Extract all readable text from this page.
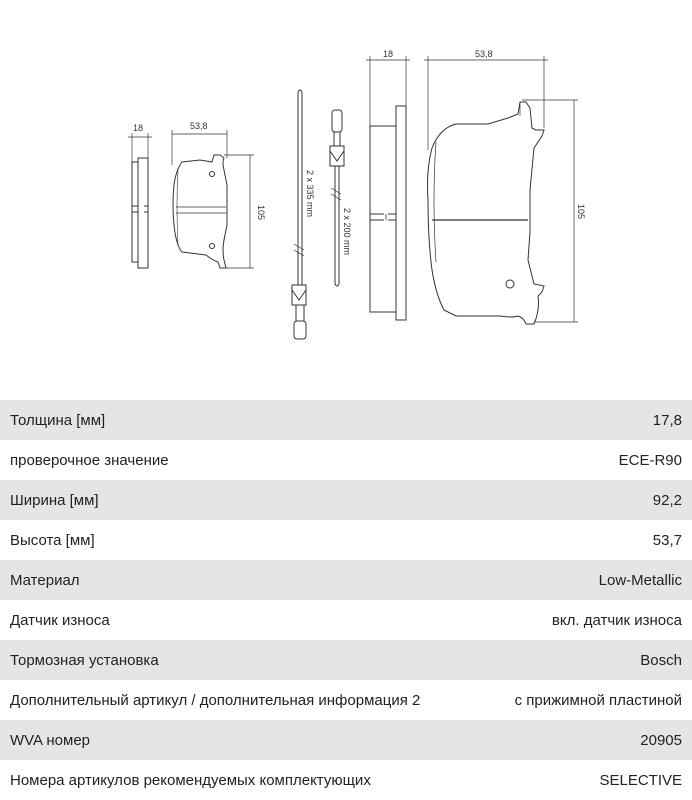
18	53,8
105	2 x 335 mm
2 x 200 mm
18	53,8
105
Толщина [мм]	17,8
проверочное значение	ECE-R90
Ширина [мм]	92,2
Высота [мм]	53,7
Материал	Low-Metallic
Датчик износа	вкл. датчик износа
Тормозная установка	Bosch
Дополнительный артикул / дополнительная информация 2	с прижимной пластиной
WVA номер	20905
Номера артикулов рекомендуемых комплектующих	SELECTIVE
